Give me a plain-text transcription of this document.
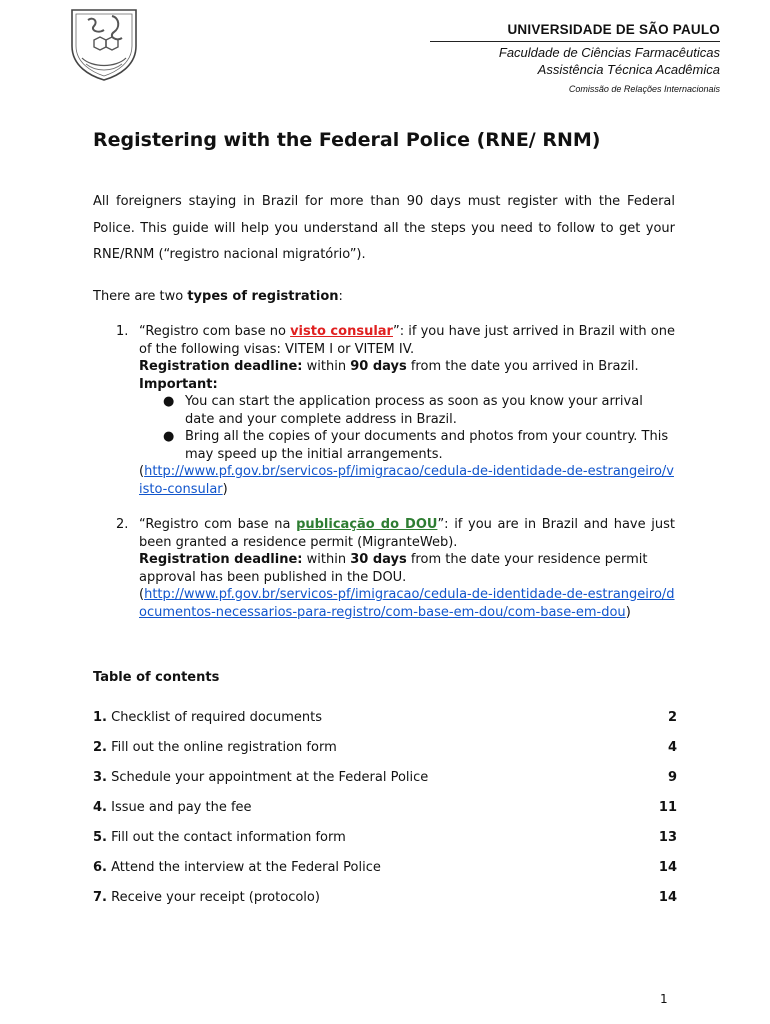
UNIVERSIDADE DE SÃO PAULO
Faculdade de Ciências Farmacêuticas
Assistência Técnica Acadêmica
Comissão de Relações Internacionais
Registering with the Federal Police (RNE/ RNM)
All foreigners staying in Brazil for more than 90 days must register with the Federal Police. This guide will help you understand all the steps you need to follow to get your RNE/RNM (“registro nacional migratório”).
There are two types of registration:
1. “Registro com base no visto consular”: if you have just arrived in Brazil with one of the following visas: VITEM I or VITEM IV.
Registration deadline: within 90 days from the date you arrived in Brazil.
Important:
● You can start the application process as soon as you know your arrival date and your complete address in Brazil.
● Bring all the copies of your documents and photos from your country. This may speed up the initial arrangements.
(http://www.pf.gov.br/servicos-pf/imigracao/cedula-de-identidade-de-estrangeiro/visto-consular)
2. “Registro com base na publicação do DOU”: if you are in Brazil and have just been granted a residence permit (MigranteWeb).
Registration deadline: within 30 days from the date your residence permit approval has been published in the DOU.
(http://www.pf.gov.br/servicos-pf/imigracao/cedula-de-identidade-de-estrangeiro/documentos-necessarios-para-registro/com-base-em-dou/com-base-em-dou)
Table of contents
1. Checklist of required documents	2
2. Fill out the online registration form	4
3. Schedule your appointment at the Federal Police	9
4. Issue and pay the fee	11
5. Fill out the contact information form	13
6. Attend the interview at the Federal Police	14
7. Receive your receipt (protocolo)	14
1
